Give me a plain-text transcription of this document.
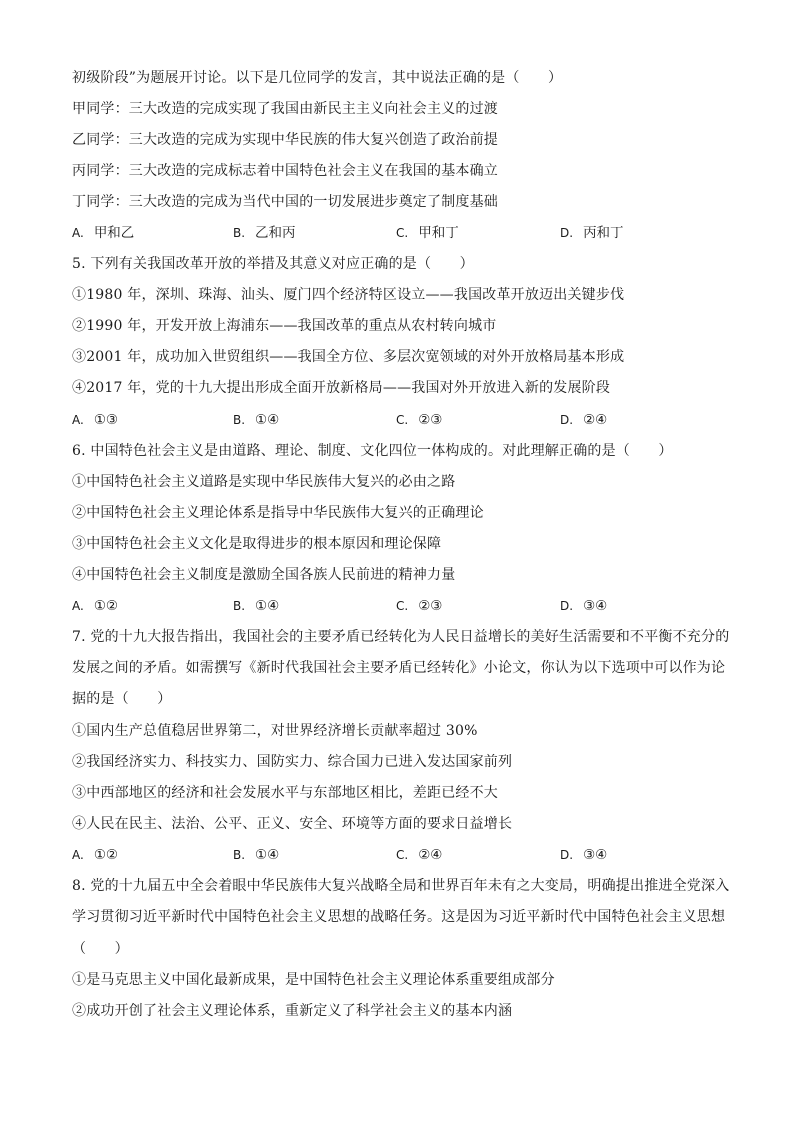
初级阶段”为题展开讨论。以下是几位同学的发言，其中说法正确的是（　　）
甲同学：三大改造的完成实现了我国由新民主主义向社会主义的过渡
乙同学：三大改造的完成为实现中华民族的伟大复兴创造了政治前提
丙同学：三大改造的完成标志着中国特色社会主义在我国的基本确立
丁同学：三大改造的完成为当代中国的一切发展进步奠定了制度基础
A. 甲和乙	B. 乙和丙	C. 甲和丁	D. 丙和丁
5. 下列有关我国改革开放的举措及其意义对应正确的是（　　）
①1980 年，深圳、珠海、汕头、厦门四个经济特区设立——我国改革开放迈出关键步伐
②1990 年，开发开放上海浦东——我国改革的重点从农村转向城市
③2001 年，成功加入世贸组织——我国全方位、多层次宽领域的对外开放格局基本形成
④2017 年，党的十九大提出形成全面开放新格局——我国对外开放进入新的发展阶段
A. ①③	B. ①④	C. ②③	D. ②④
6. 中国特色社会主义是由道路、理论、制度、文化四位一体构成的。对此理解正确的是（　　）
①中国特色社会主义道路是实现中华民族伟大复兴的必由之路
②中国特色社会主义理论体系是指导中华民族伟大复兴的正确理论
③中国特色社会主义文化是取得进步的根本原因和理论保障
④中国特色社会主义制度是激励全国各族人民前进的精神力量
A. ①②	B. ①④	C. ②③	D. ③④
7. 党的十九大报告指出，我国社会的主要矛盾已经转化为人民日益增长的美好生活需要和不平衡不充分的
发展之间的矛盾。如需撰写《新时代我国社会主要矛盾已经转化》小论文，你认为以下选项中可以作为论
据的是（　　）
①国内生产总值稳居世界第二，对世界经济增长贡献率超过 30%
②我国经济实力、科技实力、国防实力、综合国力已进入发达国家前列
③中西部地区的经济和社会发展水平与东部地区相比，差距已经不大
④人民在民主、法治、公平、正义、安全、环境等方面的要求日益增长
A. ①②	B. ①④	C. ②④	D. ③④
8. 党的十九届五中全会着眼中华民族伟大复兴战略全局和世界百年未有之大变局，明确提出推进全党深入
学习贯彻习近平新时代中国特色社会主义思想的战略任务。这是因为习近平新时代中国特色社会主义思想
（　　）
①是马克思主义中国化最新成果，是中国特色社会主义理论体系重要组成部分
②成功开创了社会主义理论体系，重新定义了科学社会主义的基本内涵
